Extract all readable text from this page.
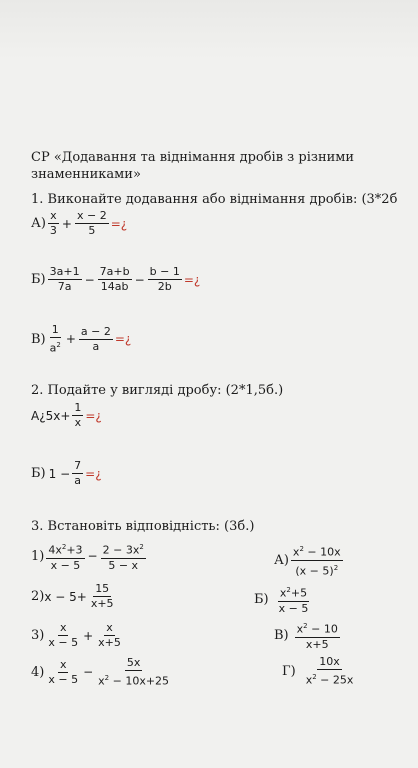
СР «Додавання та віднімання дробів з різними
знаменниками»
1. Виконайте додавання або віднімання дробів: (3*2б
$А) \frac{x}{3} + \frac{x - 2}{5}$ =¿
$Б) \frac{3a+1}{7a} - \frac{7a+b}{14ab} - \frac{b - 1}{2b}$ =¿
$В) \frac{1}{a^2} + \frac{a - 2}{a}$ =¿
2. Подайте у вигляді дробу: (2*1,5б.)
A¿5x+ $\frac{1}{x}$ =¿
Б) $1 - \frac{7}{a}$ =¿
3. Встановіть відповідність: (3б.)
$1) \frac{4x^2+3}{x - 5} - \frac{2 - 3x^2}{5 - x}$
2) $x - 5+ \frac{15}{x+5}$
$3) \frac{x}{x - 5} + \frac{x}{x+5}$
$4) \frac{x}{x - 5} - \frac{5x}{x^2 - 10x+25}$
$А) \frac{x^2 - 10x}{(x - 5)^2}$
$Б) \frac{x^2+5}{x - 5}$
$В) \frac{x^2 - 10}{x+5}$
$Г) \frac{10x}{x^2 - 25x}$
